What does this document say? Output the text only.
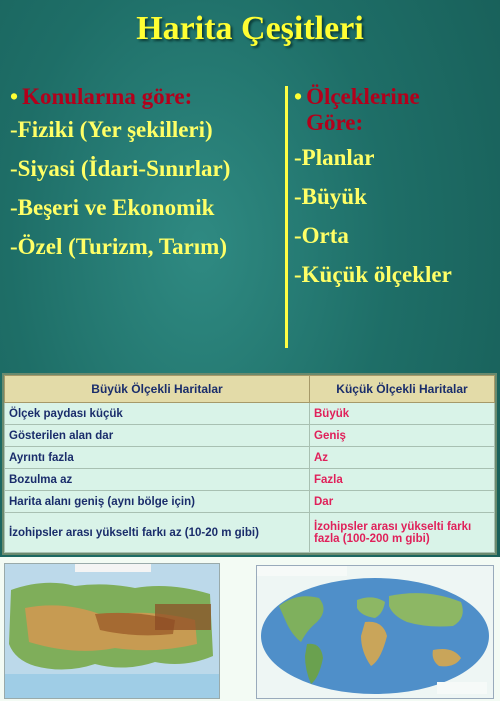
Harita Çeşitleri
• Konularına göre:
-Fiziki (Yer şekilleri)
-Siyasi (İdari-Sınırlar)
-Beşeri ve Ekonomik
-Özel (Turizm, Tarım)
• Ölçeklerine Göre:
-Planlar
-Büyük
-Orta
-Küçük ölçekler
Büyük Ölçekli Haritalar	Küçük Ölçekli Haritalar
Ölçek paydası küçük	Büyük
Gösterilen alan dar	Geniş
Ayrıntı fazla	Az
Bozulma az	Fazla
Harita alanı geniş (aynı bölge için)	Dar
İzohipsler arası yükselti farkı az (10-20 m gibi)	İzohipsler arası yükselti farkı fazla (100-200 m gibi)
